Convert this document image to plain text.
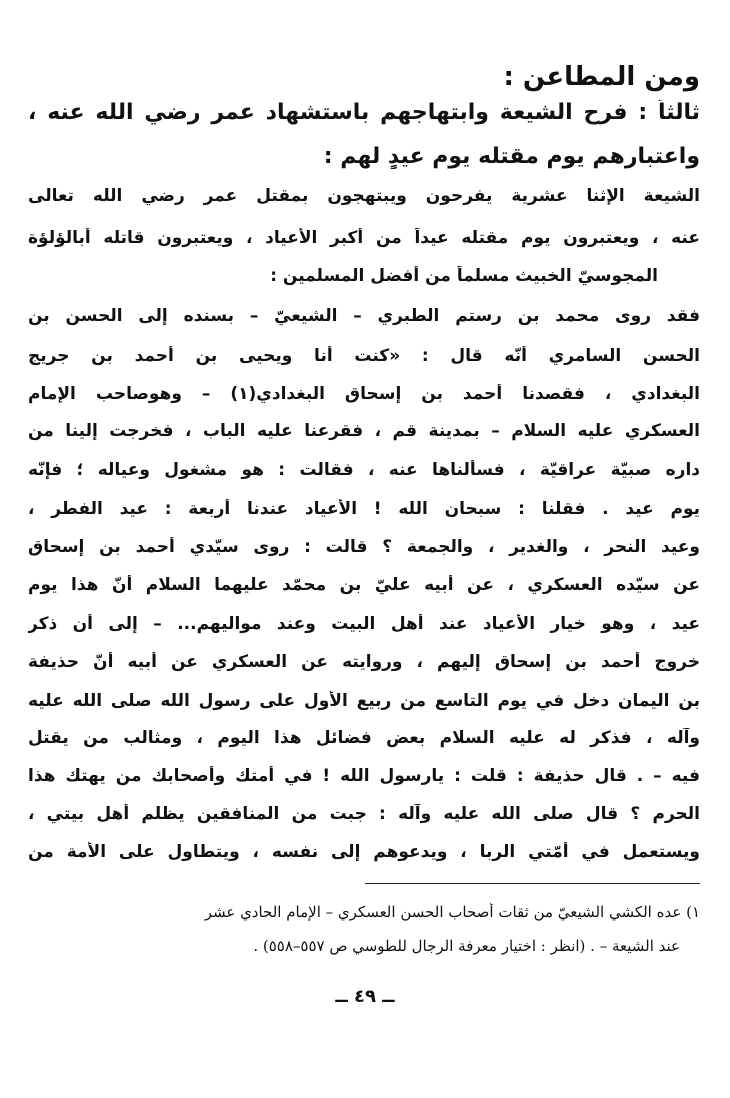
ومن المطاعن :
ثالثاً : فرح الشيعة وابتهاجهم باستشهاد عمر رضي الله عنه ،
واعتبارهم يوم مقتله يوم عيدٍ لهم :
الشيعة الإثنا عشرية يفرحون ويبتهجون بمقتل عمر رضي الله تعالى
عنه ، ويعتبرون يوم مقتله عيداً من أكبر الأعياد ، ويعتبرون قاتله أبالؤلؤة
المجوسيّ الخبيث مسلماً من أفضل المسلمين :
فقد روى محمد بن رستم الطبري – الشيعيّ – بسنده إلى الحسن بن
الحسن السامري أنّه قال : «كنت أنا ويحيى بن أحمد بن جريج
البغدادي ، فقصدنا أحمد بن إسحاق البغدادي(١) – وهوصاحب الإمام
العسكري عليه السلام – بمدينة قم ، فقرعنا عليه الباب ، فخرجت إلينا من
داره صبيّة عراقيّة ، فسألناها عنه ، فقالت : هو مشغول وعياله ؛ فإنّه
يوم عيد . فقلنا : سبحان الله ! الأعياد عندنا أربعة : عيد الفطر ،
وعيد النحر ، والغدير ، والجمعة ؟ قالت : روى سيّدي أحمد بن إسحاق
عن سيّده العسكري ، عن أبيه عليّ بن محمّد عليهما السلام أنّ هذا يوم
عيد ، وهو خيار الأعياد عند أهل البيت وعند مواليهم... – إلى أن ذكر
خروج أحمد بن إسحاق إليهم ، وروايته عن العسكري عن أبيه أنّ حذيفة
بن اليمان دخل في يوم التاسع من ربيع الأول على رسول الله صلى الله عليه
وآله ، فذكر له عليه السلام بعض فضائل هذا اليوم ، ومثالب من يقتل
فيه – . قال حذيفة : قلت : يارسول الله ! في أمتك وأصحابك من يهتك هذا
الحرم ؟ قال صلى الله عليه وآله : جبت من المنافقين يظلم أهل بيتي ،
ويستعمل في أمّتي الربا ، ويدعوهم إلى نفسه ، ويتطاول على الأمة من
١) عده الكشي الشيعيّ من ثقات أصحاب الحسن العسكري – الإمام الحادي عشر
عند الشيعة – . (انظر : اختيار معرفة الرجال للطوسي ص ٥٥٧–٥٥٨) .
ــ ٤٩ ــ
